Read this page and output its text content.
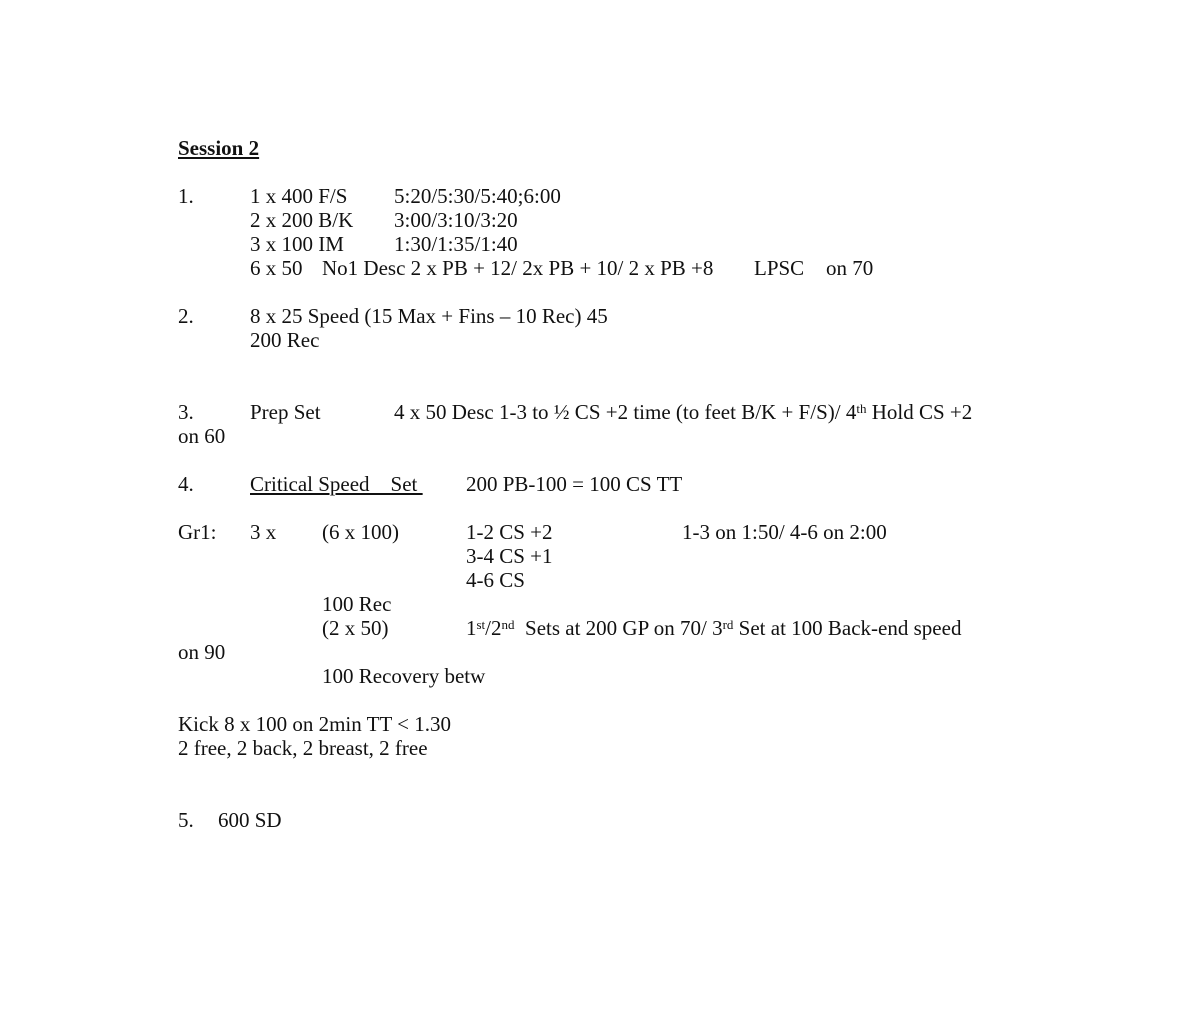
Session 2
1.	1 x 400 F/S 5:20/5:30/5:40;6:00
2 x 200 B/K 3:00/3:10/3:20
3 x 100 IM 1:30/1:35/1:40
6 x 50 No1 Desc 2 x PB + 12/ 2x PB + 10/ 2 x PB +8 LPSC on 70
2.	8 x 25 Speed (15 Max + Fins – 10 Rec) 45
200 Rec
3.	Prep Set	4 x 50 Desc 1-3 to ½ CS +2 time (to feet B/K + F/S)/ 4th Hold CS +2
on 60
4.	Critical Speed    Set 200 PB-100 = 100 CS TT
Gr1: 3 x (6 x 100)	1-2 CS +2	1-3 on 1:50/ 4-6 on 2:00
3-4 CS +1
4-6 CS
100 Rec
(2 x 50)	1st/2nd  Sets at 200 GP on 70/ 3rd Set at 100 Back-end speed
on 90
100 Recovery betw
Kick 8 x 100 on 2min TT < 1.30
2 free, 2 back, 2 breast, 2 free
5. 600 SD
